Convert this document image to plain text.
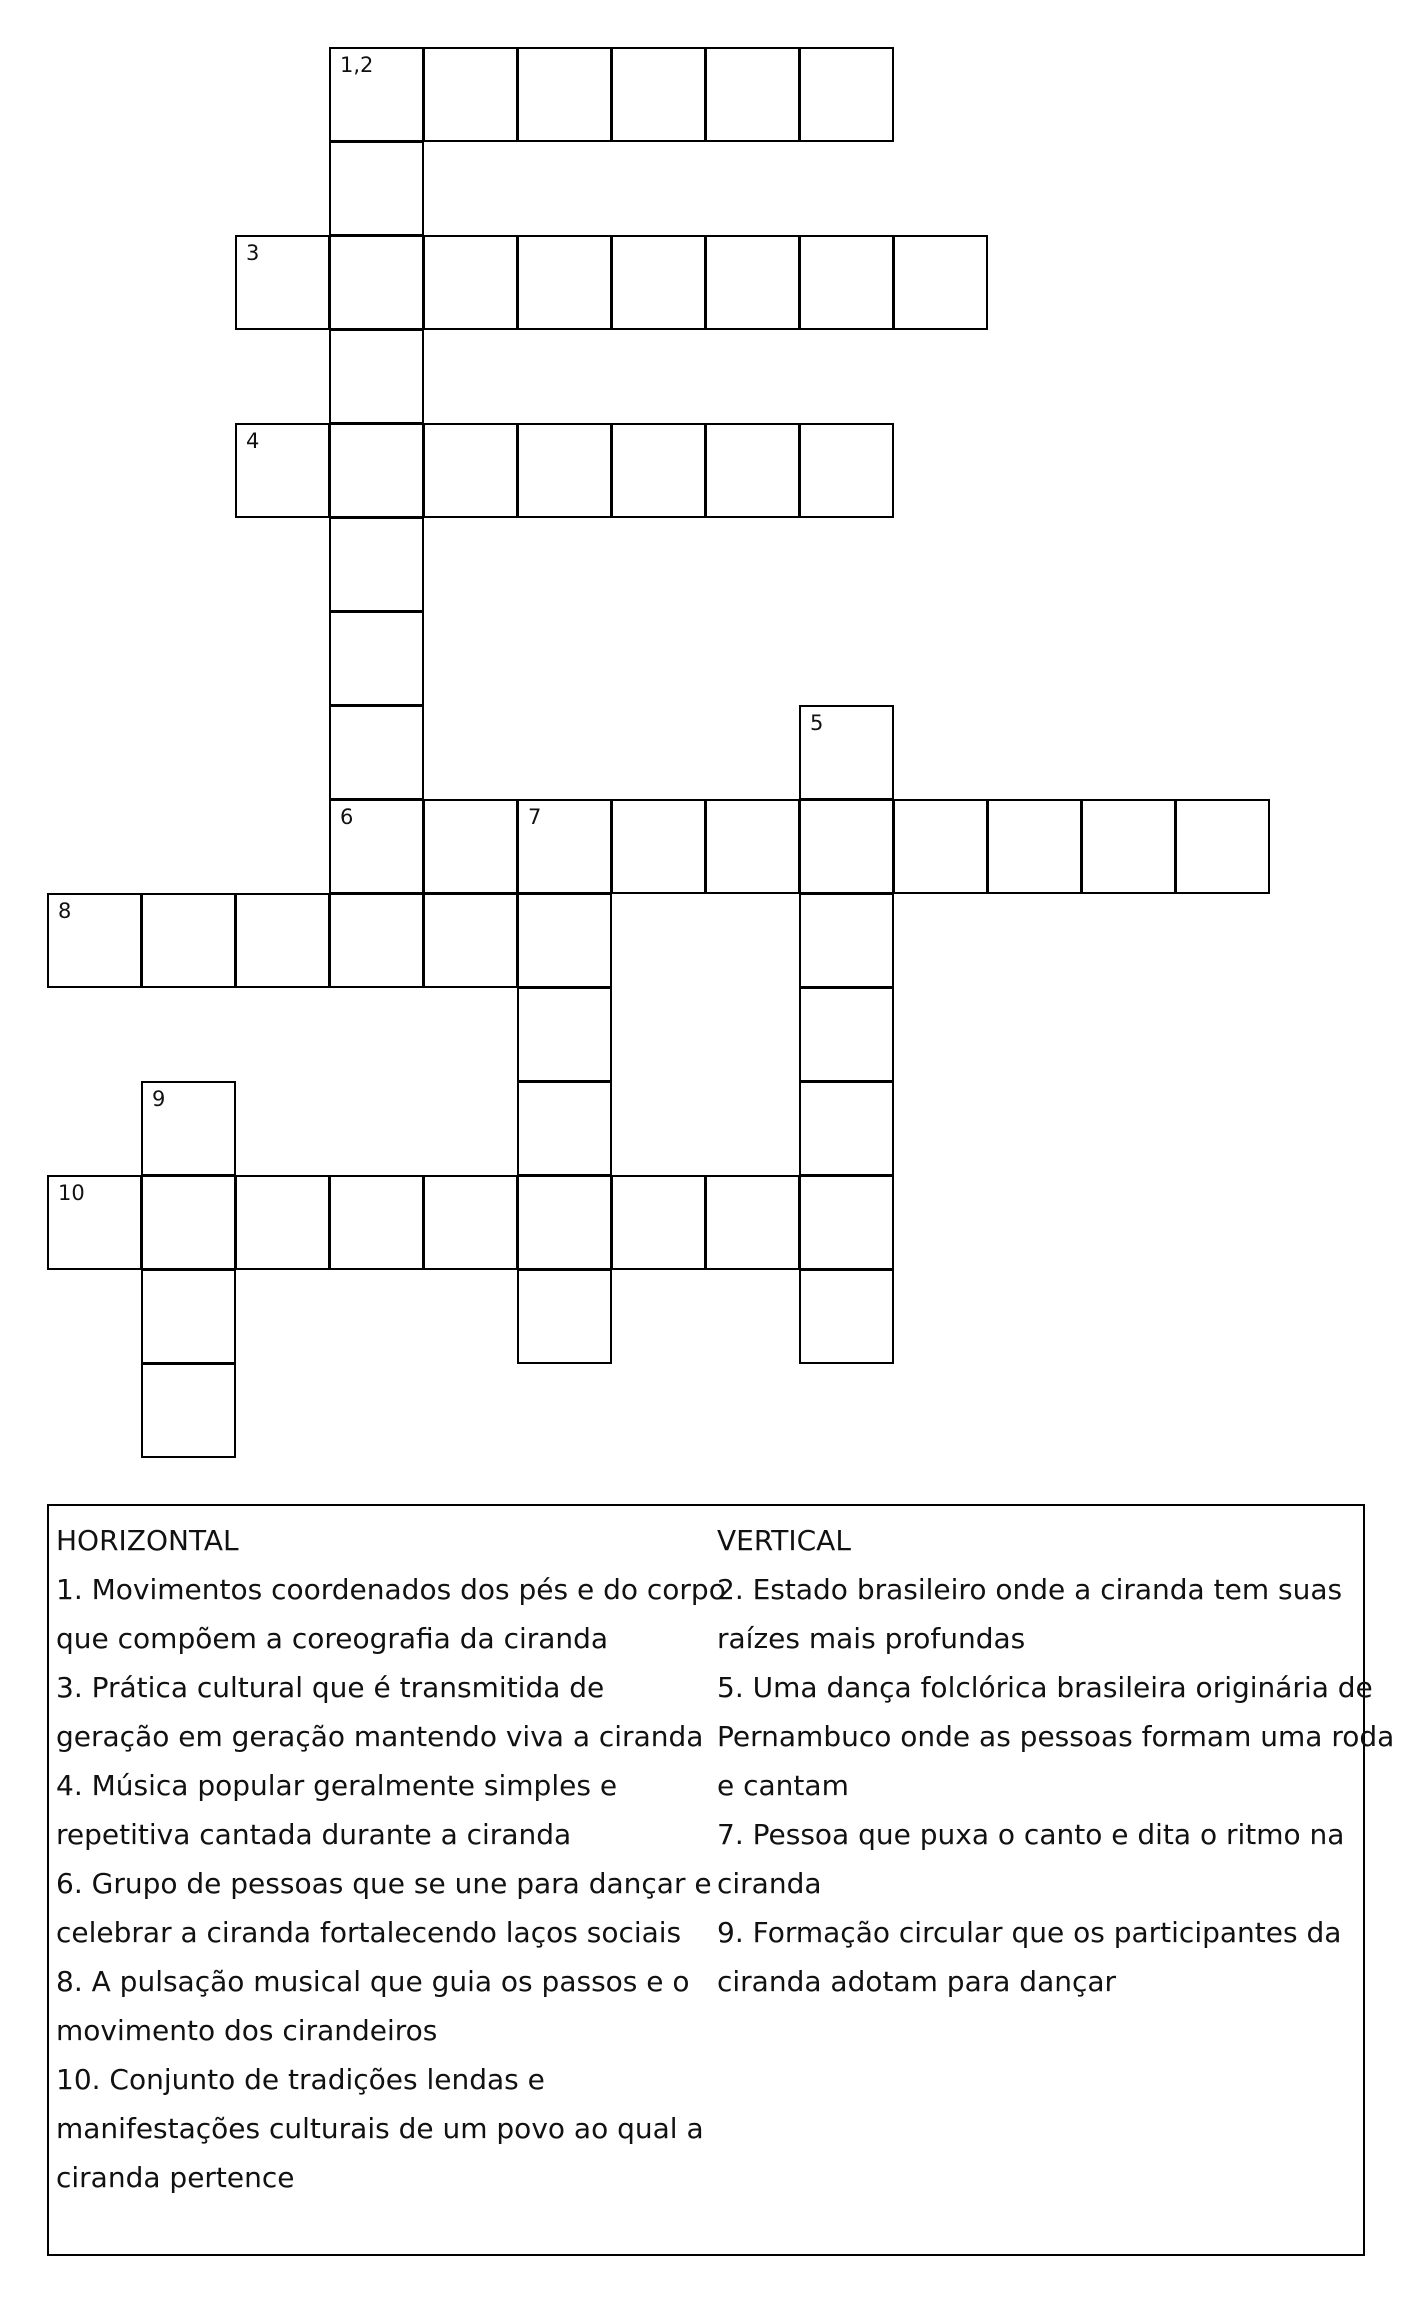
1,2
3
4
5
6	7
8
9
10
HORIZONTAL
1. Movimentos coordenados dos pés e do corpo
que compõem a coreografia da ciranda
3. Prática cultural que é transmitida de
geração em geração mantendo viva a ciranda
4. Música popular geralmente simples e
repetitiva cantada durante a ciranda
6. Grupo de pessoas que se une para dançar e
celebrar a ciranda fortalecendo laços sociais
8. A pulsação musical que guia os passos e o
movimento dos cirandeiros
10. Conjunto de tradições lendas e
manifestações culturais de um povo ao qual a
ciranda pertence
VERTICAL
2. Estado brasileiro onde a ciranda tem suas
raízes mais profundas
5. Uma dança folclórica brasileira originária de
Pernambuco onde as pessoas formam uma roda
e cantam
7. Pessoa que puxa o canto e dita o ritmo na
ciranda
9. Formação circular que os participantes da
ciranda adotam para dançar
